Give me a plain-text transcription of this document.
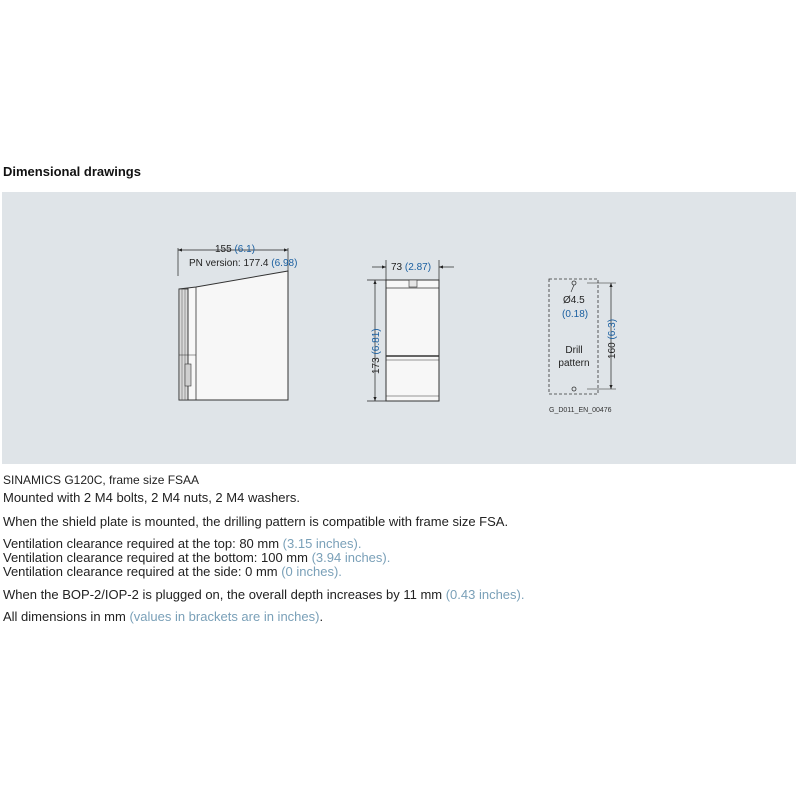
Dimensional drawings
155 (6.1)
PN version: 177.4 (6.98)	73 (2.87)
173 (6.81)
Ø4.5
(0.18)
Drill
pattern
160 (6.3)
G_D011_EN_00476
SINAMICS G120C, frame size FSAA
Mounted with 2 M4 bolts, 2 M4 nuts, 2 M4 washers.
When the shield plate is mounted, the drilling pattern is compatible with frame size FSA.
Ventilation clearance required at the top: 80 mm (3.15 inches).
Ventilation clearance required at the bottom: 100 mm (3.94 inches).
Ventilation clearance required at the side: 0 mm (0 inches).
When the BOP-2/IOP-2 is plugged on, the overall depth increases by 11 mm (0.43 inches).
All dimensions in mm (values in brackets are in inches).
